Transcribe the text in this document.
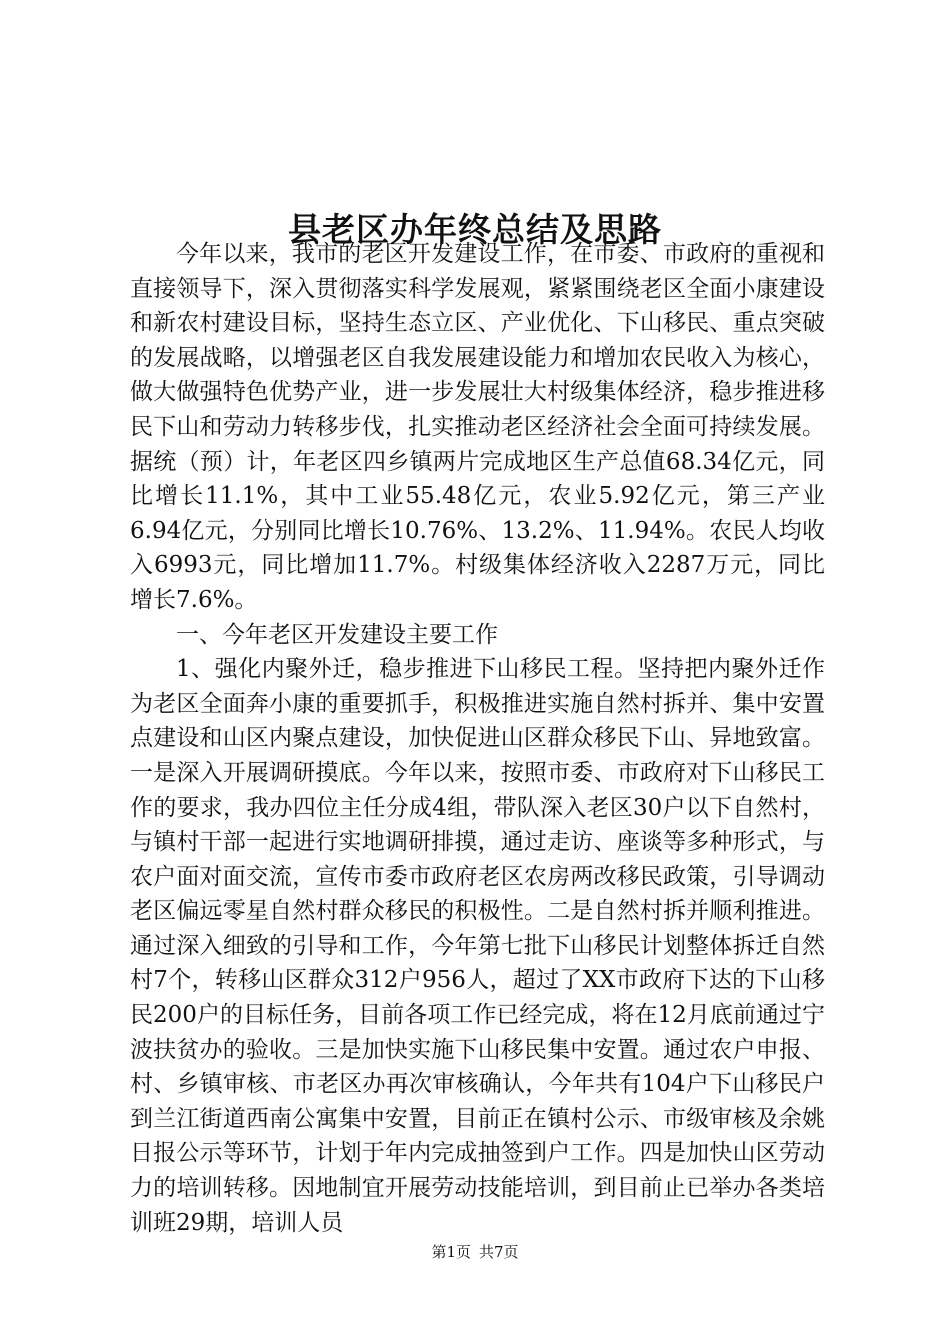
县老区办年终总结及思路

今年以来，我市的老区开发建设工作，在市委、市政府的重视和直接领导下，深入贯彻落实科学发展观，紧紧围绕老区全面小康建设和新农村建设目标，坚持生态立区、产业优化、下山移民、重点突破的发展战略，以增强老区自我发展建设能力和增加农民收入为核心，做大做强特色优势产业，进一步发展壮大村级集体经济，稳步推进移民下山和劳动力转移步伐，扎实推动老区经济社会全面可持续发展。据统（预）计，年老区四乡镇两片完成地区生产总值68.34亿元，同比增长11.1%，其中工业55.48亿元，农业5.92亿元，第三产业6.94亿元，分别同比增长10.76%、13.2%、11.94%。农民人均收入6993元，同比增加11.7%。村级集体经济收入2287万元，同比增长7.6%。

一、今年老区开发建设主要工作

1、强化内聚外迁，稳步推进下山移民工程。坚持把内聚外迁作为老区全面奔小康的重要抓手，积极推进实施自然村拆并、集中安置点建设和山区内聚点建设，加快促进山区群众移民下山、异地致富。一是深入开展调研摸底。今年以来，按照市委、市政府对下山移民工作的要求，我办四位主任分成4组，带队深入老区30户以下自然村，与镇村干部一起进行实地调研排摸，通过走访、座谈等多种形式，与农户面对面交流，宣传市委市政府老区农房两改移民政策，引导调动老区偏远零星自然村群众移民的积极性。二是自然村拆并顺利推进。通过深入细致的引导和工作，今年第七批下山移民计划整体拆迁自然村7个，转移山区群众312户956人，超过了XX市政府下达的下山移民200户的目标任务，目前各项工作已经完成，将在12月底前通过宁波扶贫办的验收。三是加快实施下山移民集中安置。通过农户申报、村、乡镇审核、市老区办再次审核确认，今年共有104户下山移民户到兰江街道西南公寓集中安置，目前正在镇村公示、市级审核及余姚日报公示等环节，计划于年内完成抽签到户工作。四是加快山区劳动力的培训转移。因地制宜开展劳动技能培训，到目前止已举办各类培训班29期，培训人员

第1页 共7页
